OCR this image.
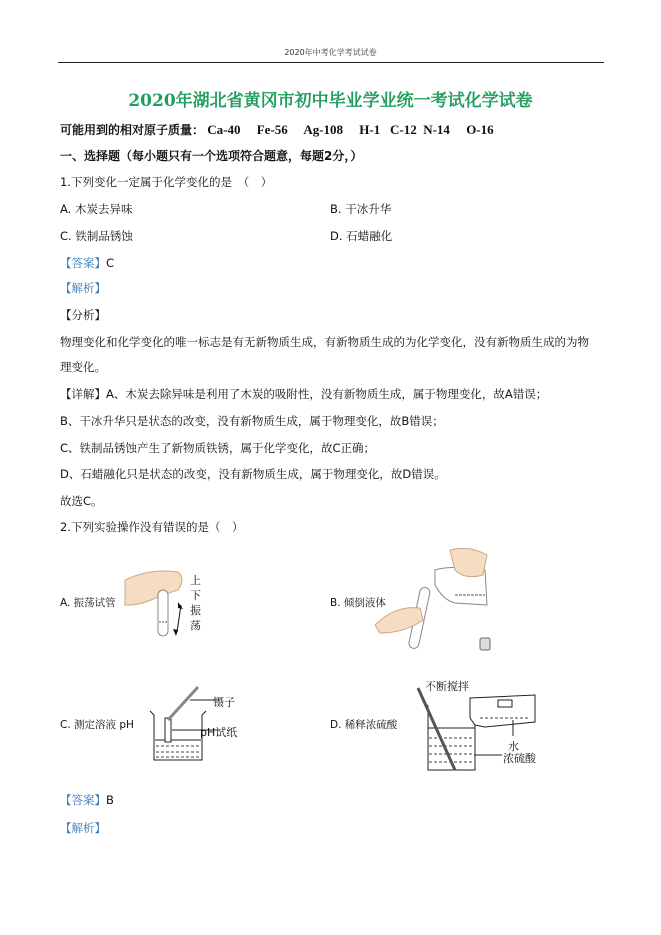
2020年中考化学考试试卷
2020年湖北省黄冈市初中毕业学业统一考试化学试卷
可能用到的相对原子质量： Ca-40 Fe-56 Ag-108 H-1 C-12 N-14 O-16
一、选择题（每小题只有一个选项符合题意，每题2分，）
1.下列变化一定属于化学变化的是　（　）
A. 木炭去异味	B. 干冰升华
C. 铁制品锈蚀	D. 石蜡融化
【答案】C
【解析】
【分析】
物理变化和化学变化的唯一标志是有无新物质生成，有新物质生成的为化学变化，没有新物质生成的为物
理变化。
【详解】A、木炭去除异味是利用了木炭的吸附性，没有新物质生成，属于物理变化，故A错误；
B、干冰升华只是状态的改变，没有新物质生成，属于物理变化，故B错误；
C、铁制品锈蚀产生了新物质铁锈，属于化学变化，故C正确；
D、石蜡融化只是状态的改变，没有新物质生成，属于物理变化，故D错误。
故选C。
2.下列实验操作没有错误的是（　）
A. 振荡试管
上下振荡
B. 倾倒液体
C. 测定溶液 pH
镊子
pH试纸
D. 稀释浓硫酸
不断搅拌
水
浓硫酸
【答案】B
【解析】
